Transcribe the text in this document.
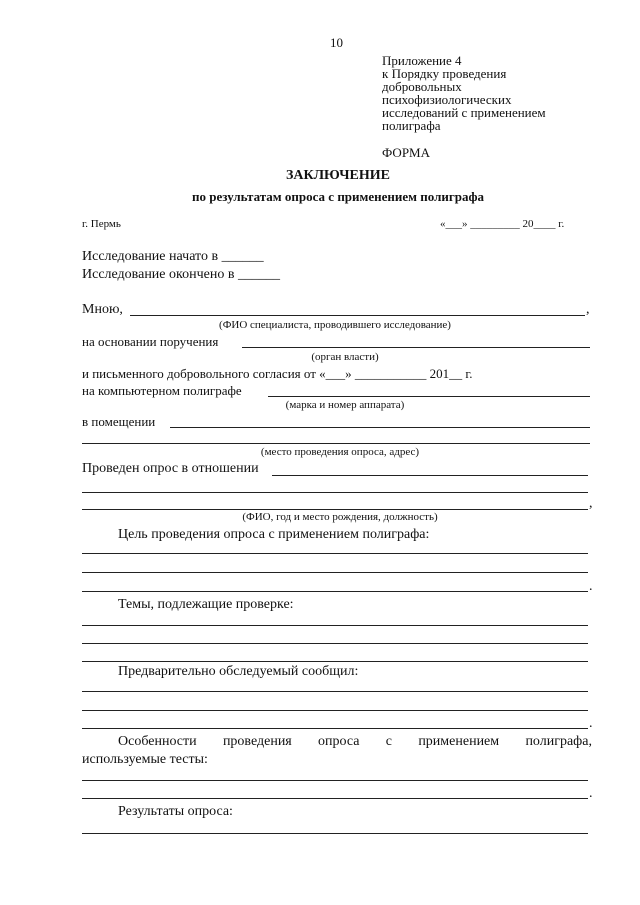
10
Приложение 4
к Порядку проведения
добровольных
психофизиологических
исследований с применением
полиграфа
ФОРМА
ЗАКЛЮЧЕНИЕ
по результатам опроса с применением полиграфа
г. Пермь	«___» _________ 20____ г.
Исследование начато в ______
Исследование окончено в ______
Мною,	,
(ФИО специалиста, проводившего исследование)
на основании поручения
(орган власти)
и письменного добровольного согласия от «___» ___________ 201__ г.
на компьютерном полиграфе
(марка и номер аппарата)
в помещении
(место проведения опроса, адрес)
Проведен опрос в отношении
,
(ФИО, год и место рождения, должность)
Цель проведения опроса с применением полиграфа:
.
Темы, подлежащие проверке:
Предварительно обследуемый сообщил:
.
Особенности проведения опроса с применением полиграфа,
используемые тесты:
.
Результаты опроса:
